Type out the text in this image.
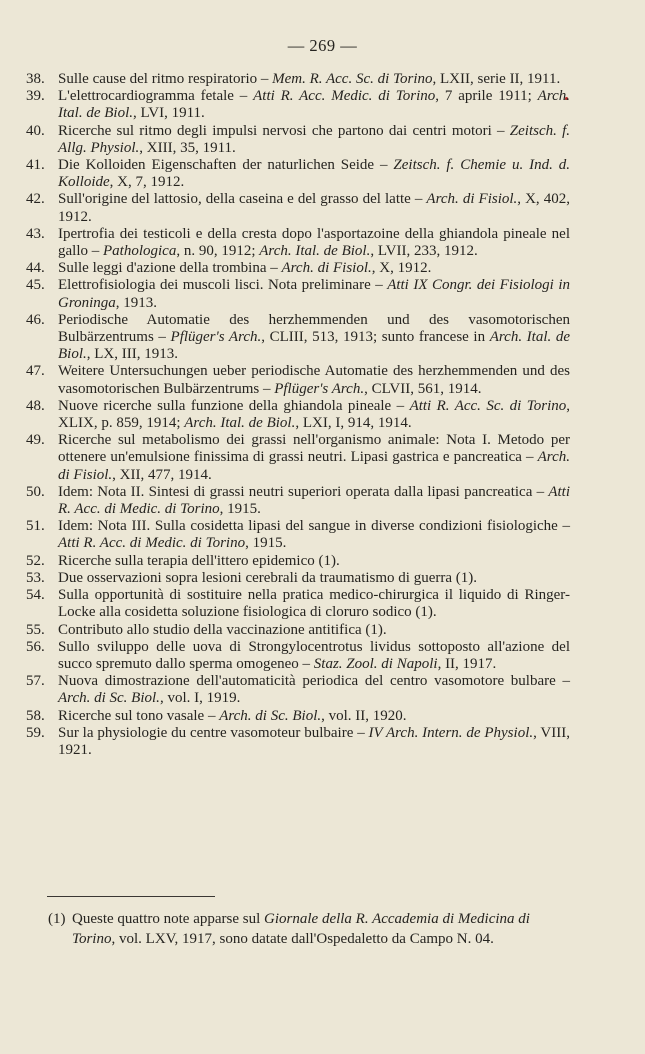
— 269 —
38. Sulle cause del ritmo respiratorio – Mem. R. Acc. Sc. di Torino, LXII, serie II, 1911.
39. L'elettrocardiogramma fetale – Atti R. Acc. Medic. di Torino, 7 aprile 1911; Arch. Ital. de Biol., LVI, 1911.
40. Ricerche sul ritmo degli impulsi nervosi che partono dai centri motori – Zeitsch. f. Allg. Physiol., XIII, 35, 1911.
41. Die Kolloiden Eigenschaften der naturlichen Seide – Zeitsch. f. Chemie u. Ind. d. Kolloide, X, 7, 1912.
42. Sull'origine del lattosio, della caseina e del grasso del latte – Arch. di Fisiol., X, 402, 1912.
43. Ipertrofia dei testicoli e della cresta dopo l'asportazoine della ghiandola pineale nel gallo – Pathologica, n. 90, 1912; Arch. Ital. de Biol., LVII, 233, 1912.
44. Sulle leggi d'azione della trombina – Arch. di Fisiol., X, 1912.
45. Elettrofisiologia dei muscoli lisci. Nota preliminare – Atti IX Congr. dei Fisiologi in Groninga, 1913.
46. Periodische Automatie des herzhemmenden und des vasomotorischen Bulbärzentrums – Pflüger's Arch., CLIII, 513, 1913; sunto francese in Arch. Ital. de Biol., LX, III, 1913.
47. Weitere Untersuchungen ueber periodische Automatie des herzhemmenden und des vasomotorischen Bulbärzentrums – Pflüger's Arch., CLVII, 561, 1914.
48. Nuove ricerche sulla funzione della ghiandola pineale – Atti R. Acc. Sc. di Torino, XLIX, p. 859, 1914; Arch. Ital. de Biol., LXI, I, 914, 1914.
49. Ricerche sul metabolismo dei grassi nell'organismo animale: Nota I. Metodo per ottenere un'emulsione finissima di grassi neutri. Lipasi gastrica e pancreatica – Arch. di Fisiol., XII, 477, 1914.
50. Idem: Nota II. Sintesi di grassi neutri superiori operata dalla lipasi pancreatica – Atti R. Acc. di Medic. di Torino, 1915.
51. Idem: Nota III. Sulla cosidetta lipasi del sangue in diverse condizioni fisiologiche – Atti R. Acc. di Medic. di Torino, 1915.
52. Ricerche sulla terapia dell'ittero epidemico (1).
53. Due osservazioni sopra lesioni cerebrali da traumatismo di guerra (1).
54. Sulla opportunità di sostituire nella pratica medico-chirurgica il liquido di Ringer-Locke alla cosidetta soluzione fisiologica di cloruro sodico (1).
55. Contributo allo studio della vaccinazione antitifica (1).
56. Sullo sviluppo delle uova di Strongylocentrotus lividus sottoposto all'azione del succo spremuto dallo sperma omogeneo – Staz. Zool. di Napoli, II, 1917.
57. Nuova dimostrazione dell'automaticità periodica del centro vasomotore bulbare – Arch. di Sc. Biol., vol. I, 1919.
58. Ricerche sul tono vasale – Arch. di Sc. Biol., vol. II, 1920.
59. Sur la physiologie du centre vasomoteur bulbaire – IV Arch. Intern. de Physiol., VIII, 1921.
(1) Queste quattro note apparse sul Giornale della R. Accademia di Medicina di Torino, vol. LXV, 1917, sono datate dall'Ospedaletto da Campo N. 04.
